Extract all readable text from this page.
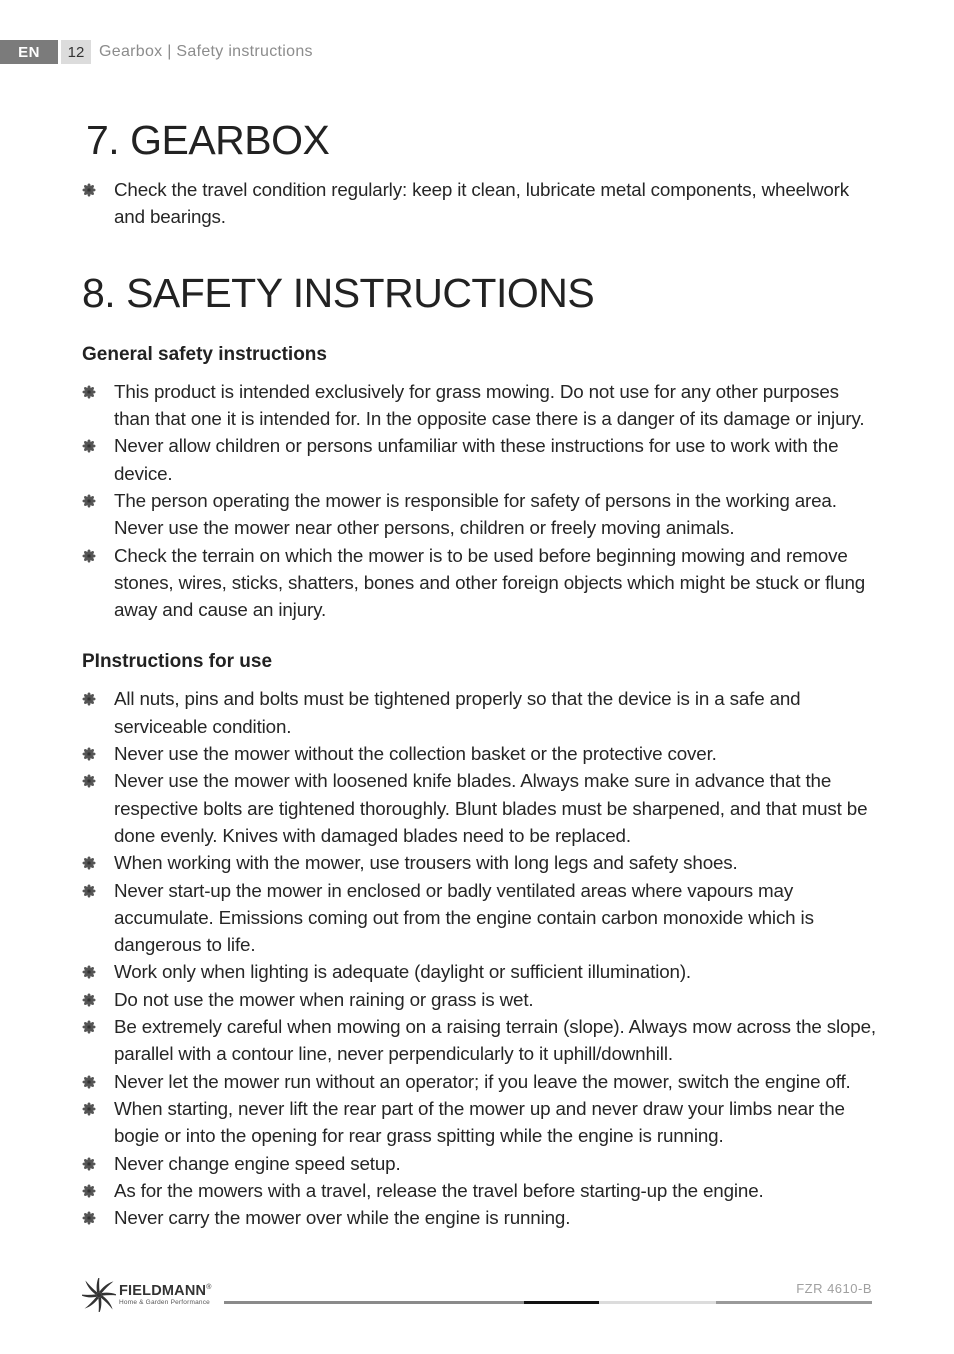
EN	12 Gearbox | Safety instructions
7. GEARBOX
Check the travel condition regularly: keep it clean, lubricate metal components, wheelwork and bearings.
8. SAFETY INSTRUCTIONS
General safety instructions
This product is intended exclusively for grass mowing. Do not use for any other purposes than that one it is intended for. In the opposite case there is a danger of its damage or injury.
Never allow children or persons unfamiliar with these instructions for use to work with the device.
The person operating the mower is responsible for safety of persons in the working area. Never use the mower near other persons, children or freely moving animals.
Check the terrain on which the mower is to be used before beginning mowing and remove stones, wires, sticks, shatters, bones and other foreign objects which might be stuck or flung away and cause an injury.
PInstructions for use
All nuts, pins and bolts must be tightened properly so that the device is in a safe and serviceable condition.
Never use the mower without the collection basket or the protective cover.
Never use the mower with loosened knife blades. Always make sure in advance that the respective bolts are tightened thoroughly. Blunt blades must be sharpened, and that must be done evenly. Knives with damaged blades need to be replaced.
When working with the mower, use trousers with long legs and safety shoes.
Never start-up the mower in enclosed or badly ventilated areas where vapours may accumulate. Emissions coming out from the engine contain carbon monoxide which is dangerous to life.
Work only when lighting is adequate (daylight or sufficient illumination).
Do not use the mower when raining or grass is wet.
Be extremely careful when mowing on a raising terrain (slope). Always mow across the slope, parallel with a contour line, never perpendicularly to it uphill/downhill.
Never let the mower run without an operator; if you leave the mower, switch the engine off.
When starting, never lift the rear part of the mower up and never draw your limbs near the bogie or into the opening for rear grass spitting while the engine is running.
Never change engine speed setup.
As for the mowers with a travel, release the travel before starting-up the engine.
Never carry the mower over while the engine is running.
FIELDMANN®
Home & Garden Performance
FZR 4610-B
